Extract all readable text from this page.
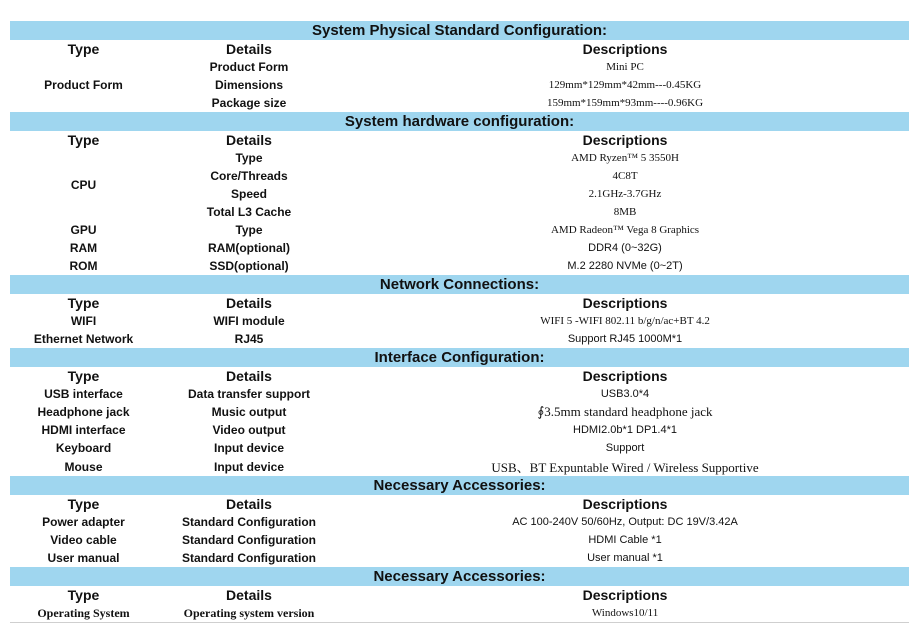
System Physical Standard Configuration:		
Type	Details	Descriptions
Product Form	Product Form	Mini PC
	Dimensions	129mm*129mm*42mm---0.45KG
	Package size	159mm*159mm*93mm----0.96KG
System hardware configuration:		
Type	Details	Descriptions
CPU	Type	AMD Ryzen™ 5 3550H
	Core/Threads	4C8T
	Speed	2.1GHz-3.7GHz
	Total L3 Cache	8MB
GPU	Type	AMD Radeon™ Vega 8 Graphics
RAM	RAM(optional)	DDR4 (0~32G)
ROM	SSD(optional)	M.2 2280 NVMe (0~2T)
Network Connections:		
Type	Details	Descriptions
WIFI	WIFI module	WIFI 5 -WIFI 802.11 b/g/n/ac+BT 4.2
Ethernet Network	RJ45	Support RJ45 1000M*1
Interface Configuration:		
Type	Details	Descriptions
USB interface	Data transfer support	USB3.0*4
Headphone jack	Music output	∮3.5mm standard headphone jack
HDMI interface	Video output	HDMI2.0b*1 DP1.4*1
Keyboard	Input device	Support
Mouse	Input device	USB、BT Expuntable Wired / Wireless Supportive
Necessary Accessories:		
Type	Details	Descriptions
Power adapter	Standard Configuration	AC 100-240V 50/60Hz, Output: DC 19V/3.42A
Video cable	Standard Configuration	HDMI Cable *1
User manual	Standard Configuration	User manual *1
Necessary Accessories:		
Type	Details	Descriptions
Operating System	Operating system version	Windows10/11
